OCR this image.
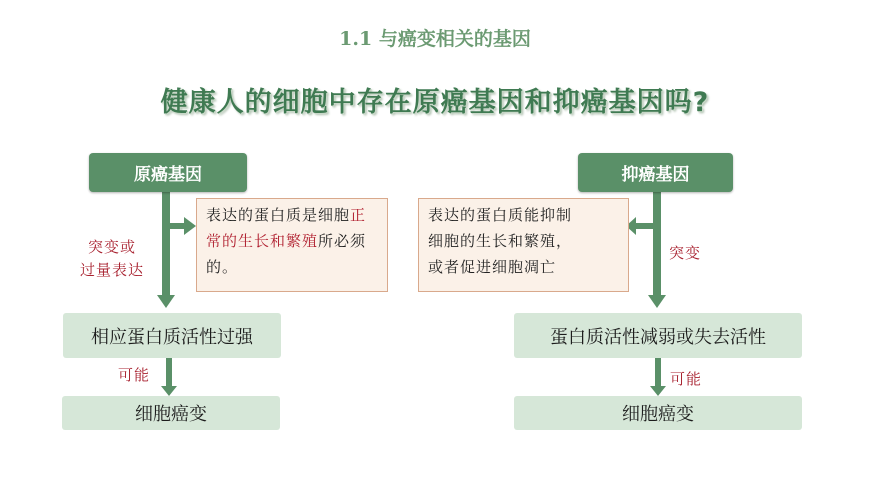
1.1 与癌变相关的基因
健康人的细胞中存在原癌基因和抑癌基因吗?
原癌基因
表达的蛋白质是细胞正常的生长和繁殖所必须的。
突变或
过量表达
相应蛋白质活性过强
可能
细胞癌变
抑癌基因
表达的蛋白质能抑制
细胞的生长和繁殖，
或者促进细胞凋亡
突变
蛋白质活性减弱或失去活性
可能
细胞癌变
